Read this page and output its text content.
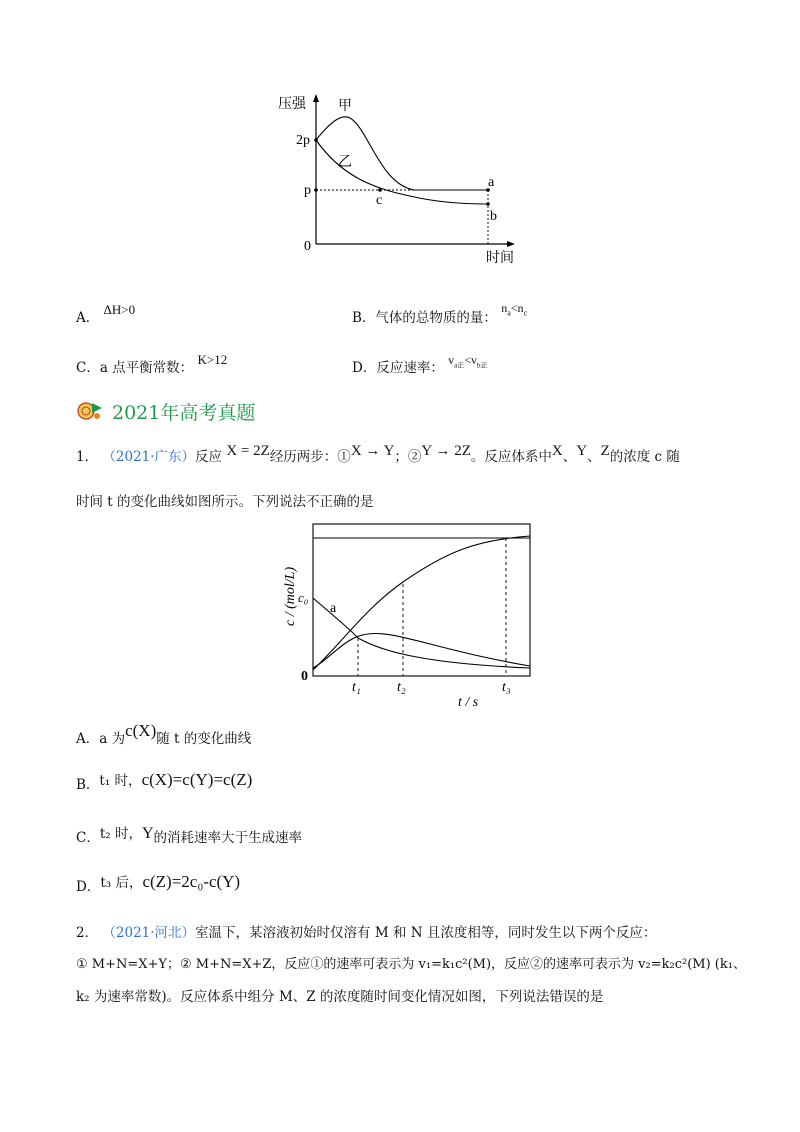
压强
时间
2p
p
0
甲
乙
a
b
c
A． ΔH>0
B．气体的总物质的量： $n_a<n_c$
C．a 点平衡常数： K>12
D．反应速率： $v_{a正}<v_{b正}$
2021年高考真题
1． （2021·广东）反应 X = 2Z经历两步：①X → Y；②Y → 2Z。反应体系中X、Y、Z的浓度 c 随
时间 t 的变化曲线如图所示。下列说法不正确的是
c / (mol/L) c₀
a
0
t₁	t₂	t₃
t / s
A．a 为c(X)随 t 的变化曲线
B．t₁ 时，c(X)=c(Y)=c(Z)
C．t₂ 时，Y的消耗速率大于生成速率
D．t₃ 后，c(Z)=2c₀-c(Y)
2． （2021·河北）室温下，某溶液初始时仅溶有 M 和 N 且浓度相等，同时发生以下两个反应：
① M+N=X+Y；② M+N=X+Z，反应①的速率可表示为 v₁=k₁c²(M)，反应②的速率可表示为 v₂=k₂c²(M) (k₁、
k₂ 为速率常数)。反应体系中组分 M、Z 的浓度随时间变化情况如图，下列说法错误的是
